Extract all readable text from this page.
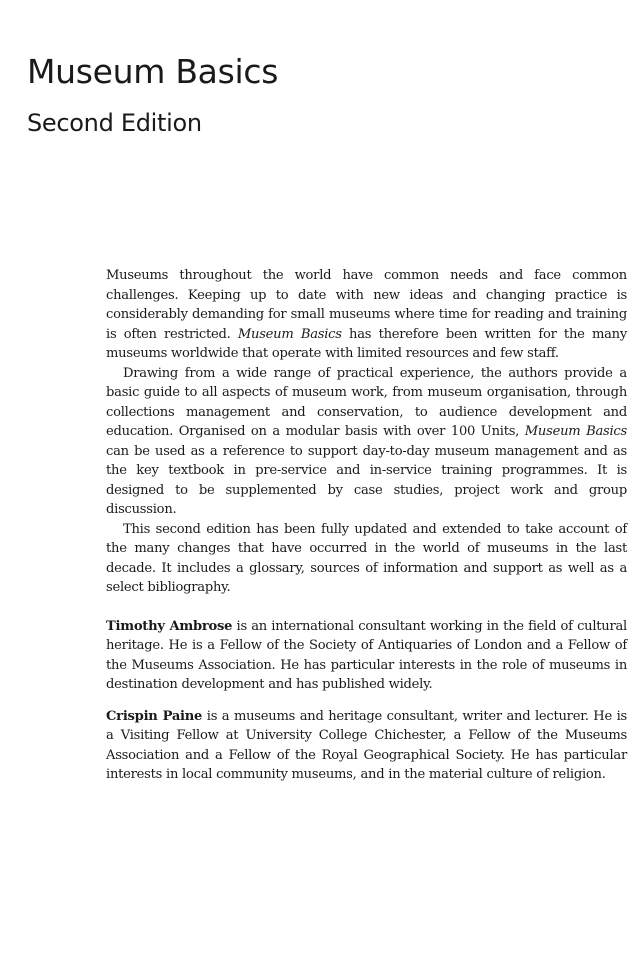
Museum Basics
Second Edition

Museums throughout the world have common needs and face common challenges. Keeping up to date with new ideas and changing practice is considerably demanding for small museums where time for reading and training is often restricted. Museum Basics has therefore been written for the many museums worldwide that operate with limited resources and few staff.

Drawing from a wide range of practical experience, the authors provide a basic guide to all aspects of museum work, from museum organisation, through collections management and conservation, to audience development and education. Organised on a modular basis with over 100 Units, Museum Basics can be used as a reference to support day-to-day museum management and as the key textbook in pre-service and in-service training programmes. It is designed to be supplemented by case studies, project work and group discussion.

This second edition has been fully updated and extended to take account of the many changes that have occurred in the world of museums in the last decade. It includes a glossary, sources of information and support as well as a select bibliography.

Timothy Ambrose is an international consultant working in the field of cultural heritage. He is a Fellow of the Society of Antiquaries of London and a Fellow of the Museums Association. He has particular interests in the role of museums in destination development and has published widely.

Crispin Paine is a museums and heritage consultant, writer and lecturer. He is a Visiting Fellow at University College Chichester, a Fellow of the Museums Association and a Fellow of the Royal Geographical Society. He has particular interests in local community museums, and in the material culture of religion.
